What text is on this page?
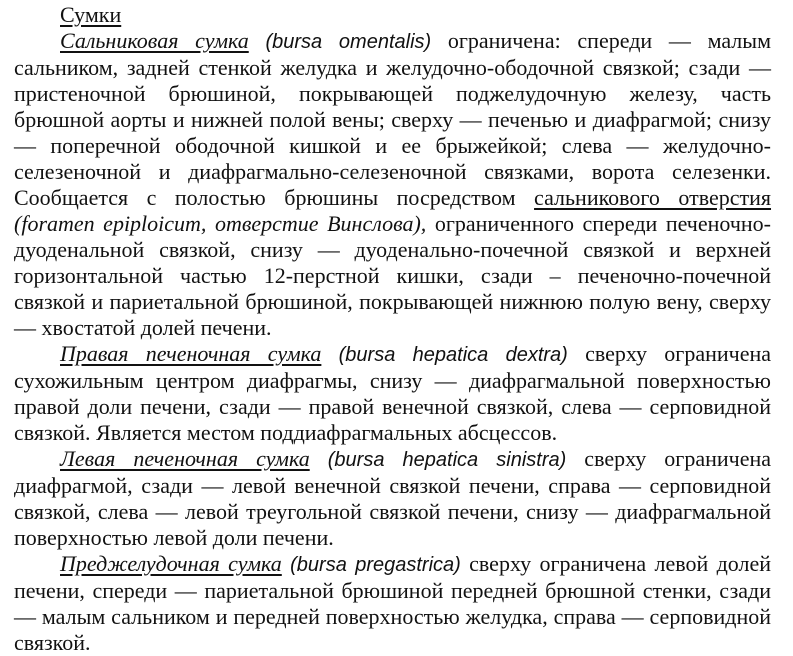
Сумки

Сальниковая сумка (bursa omentalis) ограничена: спереди — малым сальником, задней стенкой желудка и желудочно-ободочной связкой; сзади — пристеночной брюшиной, покрывающей поджелудочную железу, часть брюшной аорты и нижней полой вены; сверху — печенью и диафрагмой; снизу — поперечной ободочной кишкой и ее брыжейкой; слева — желудочно-селезеночной и диафрагмально-селезеночной связками, ворота селезенки. Сообщается с полостью брюшины посредством сальникового отверстия (foramen epiploicum, отверстие Винслова), ограниченного спереди печеночно-дуоденальной связкой, снизу — дуоденально-почечной связкой и верхней горизонтальной частью 12-перстной кишки, сзади – печеночно-почечной связкой и париетальной брюшиной, покрывающей нижнюю полую вену, сверху — хвостатой долей печени.

Правая печеночная сумка (bursa hepatica dextra) сверху ограничена сухожильным центром диафрагмы, снизу — диафрагмальной поверхностью правой доли печени, сзади — правой венечной связкой, слева — серповидной связкой. Является местом поддиафрагмальных абсцессов.

Левая печеночная сумка (bursa hepatica sinistra) сверху ограничена диафрагмой, сзади — левой венечной связкой печени, справа — серповидной связкой, слева — левой треугольной связкой печени, снизу — диафрагмальной поверхностью левой доли печени.

Преджелудочная сумка (bursa pregastrica) сверху ограничена левой долей печени, спереди — париетальной брюшиной передней брюшной стенки, сзади — малым сальником и передней поверхностью желудка, справа — серповидной связкой.
